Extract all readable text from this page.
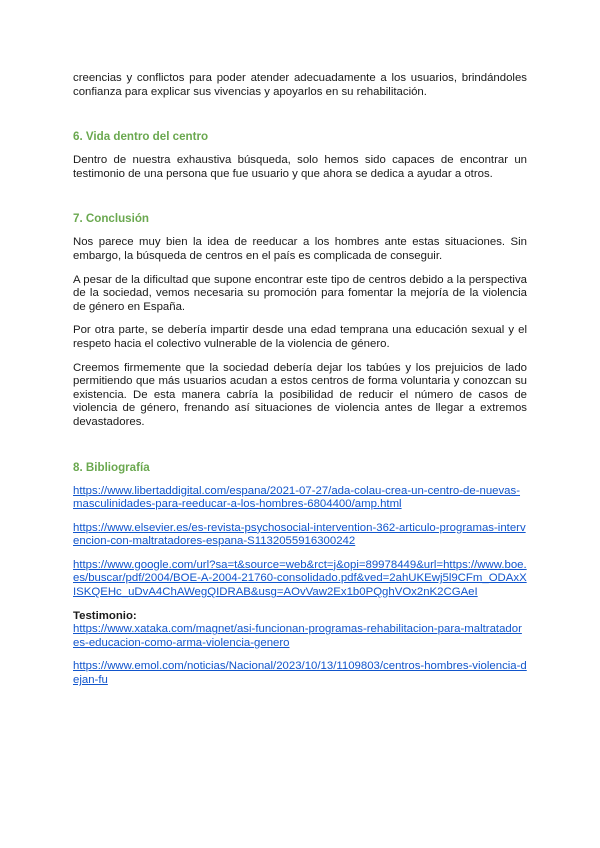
creencias y conflictos para poder atender adecuadamente a los usuarios, brindándoles confianza para explicar sus vivencias y apoyarlos en su rehabilitación.

6. Vida dentro del centro

Dentro de nuestra exhaustiva búsqueda, solo hemos sido capaces de encontrar un testimonio de una persona que fue usuario y que ahora se dedica a ayudar a otros.

7. Conclusión

Nos parece muy bien la idea de reeducar a los hombres ante estas situaciones. Sin embargo, la búsqueda de centros en el país es complicada de conseguir.

A pesar de la dificultad que supone encontrar este tipo de centros debido a la perspectiva de la sociedad, vemos necesaria su promoción para fomentar la mejoría de la violencia de género en España.

Por otra parte, se debería impartir desde una edad temprana una educación sexual y el respeto hacia el colectivo vulnerable de la violencia de género.

Creemos firmemente que la sociedad debería dejar los tabúes y los prejuicios de lado permitiendo que más usuarios acudan a estos centros de forma voluntaria y conozcan su existencia. De esta manera cabría la posibilidad de reducir el número de casos de violencia de género, frenando así situaciones de violencia antes de llegar a extremos devastadores.

8. Bibliografía
https://www.libertaddigital.com/espana/2021-07-27/ada-colau-crea-un-centro-de-nuevas-masculinidades-para-reeducar-a-los-hombres-6804400/amp.html
https://www.elsevier.es/es-revista-psychosocial-intervention-362-articulo-programas-intervencion-con-maltratadores-espana-S1132055916300242
https://www.google.com/url?sa=t&source=web&rct=j&opi=89978449&url=https://www.boe.es/buscar/pdf/2004/BOE-A-2004-21760-consolidado.pdf&ved=2ahUKEwj5l9CFm_ODAxXISKQEHc_uDvA4ChAWegQIDRAB&usg=AOvVaw2Ex1b0PQghVOx2nK2CGAeI
Testimonio:
https://www.xataka.com/magnet/asi-funcionan-programas-rehabilitacion-para-maltratadores-educacion-como-arma-violencia-genero
https://www.emol.com/noticias/Nacional/2023/10/13/1109803/centros-hombres-violencia-dejan-fu
